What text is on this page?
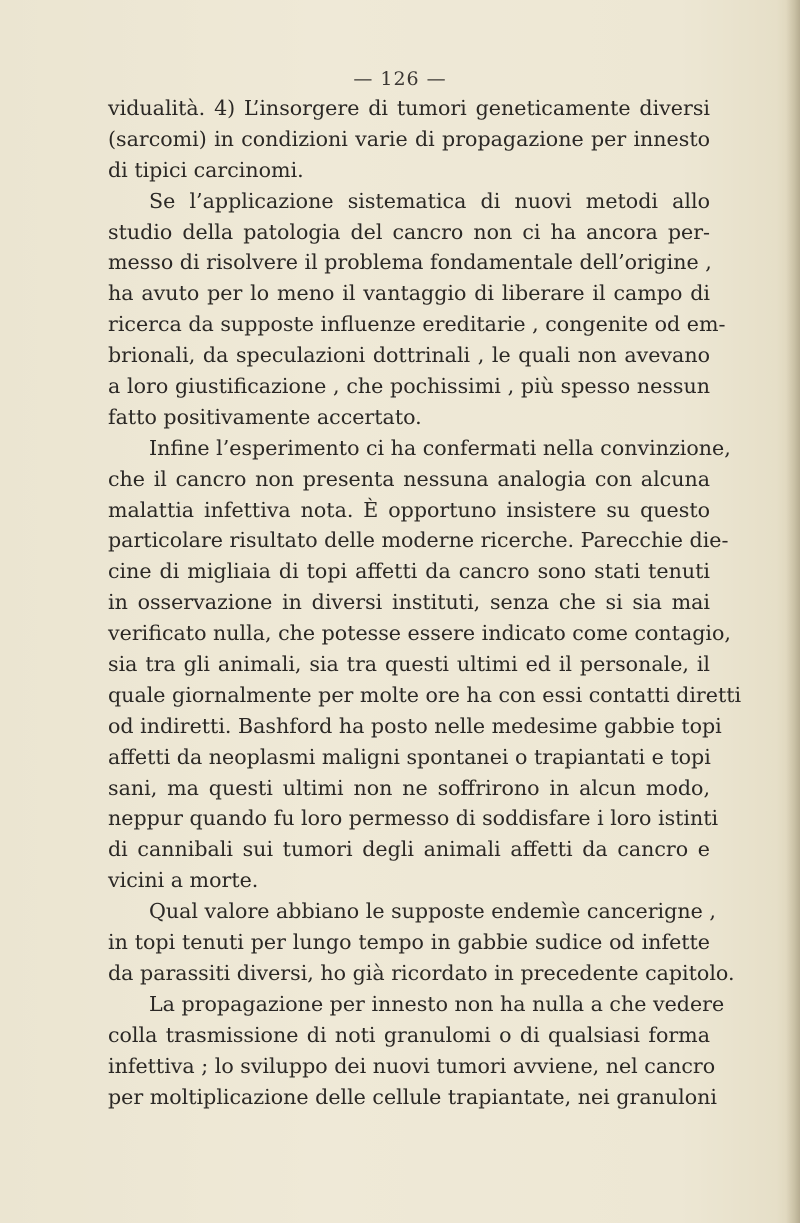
— 126 —
vidualità. 4) L’insorgere di tumori geneticamente diversi
(sarcomi) in condizioni varie di propagazione per innesto
di tipici carcinomi.
Se l’applicazione sistematica di nuovi metodi allo
studio della patologia del cancro non ci ha ancora per-
messo di risolvere il problema fondamentale dell’origine ,
ha avuto per lo meno il vantaggio di liberare il campo di
ricerca da supposte influenze ereditarie , congenite od em-
brionali, da speculazioni dottrinali , le quali non avevano
a loro giustificazione , che pochissimi , più spesso nessun
fatto positivamente accertato.
Infine l’esperimento ci ha confermati nella convinzione,
che il cancro non presenta nessuna analogia con alcuna
malattia infettiva nota. È opportuno insistere su questo
particolare risultato delle moderne ricerche. Parecchie die-
cine di migliaia di topi affetti da cancro sono stati tenuti
in osservazione in diversi instituti, senza che si sia mai
verificato nulla, che potesse essere indicato come contagio,
sia tra gli animali, sia tra questi ultimi ed il personale, il
quale giornalmente per molte ore ha con essi contatti diretti
od indiretti. Bashford ha posto nelle medesime gabbie topi
affetti da neoplasmi maligni spontanei o trapiantati e topi
sani, ma questi ultimi non ne soffrirono in alcun modo,
neppur quando fu loro permesso di soddisfare i loro istinti
di cannibali sui tumori degli animali affetti da cancro e
vicini a morte.
Qual valore abbiano le supposte endemìe cancerigne ,
in topi tenuti per lungo tempo in gabbie sudice od infette
da parassiti diversi, ho già ricordato in precedente capitolo.
La propagazione per innesto non ha nulla a che vedere
colla trasmissione di noti granulomi o di qualsiasi forma
infettiva ; lo sviluppo dei nuovi tumori avviene, nel cancro
per moltiplicazione delle cellule trapiantate, nei granuloni
